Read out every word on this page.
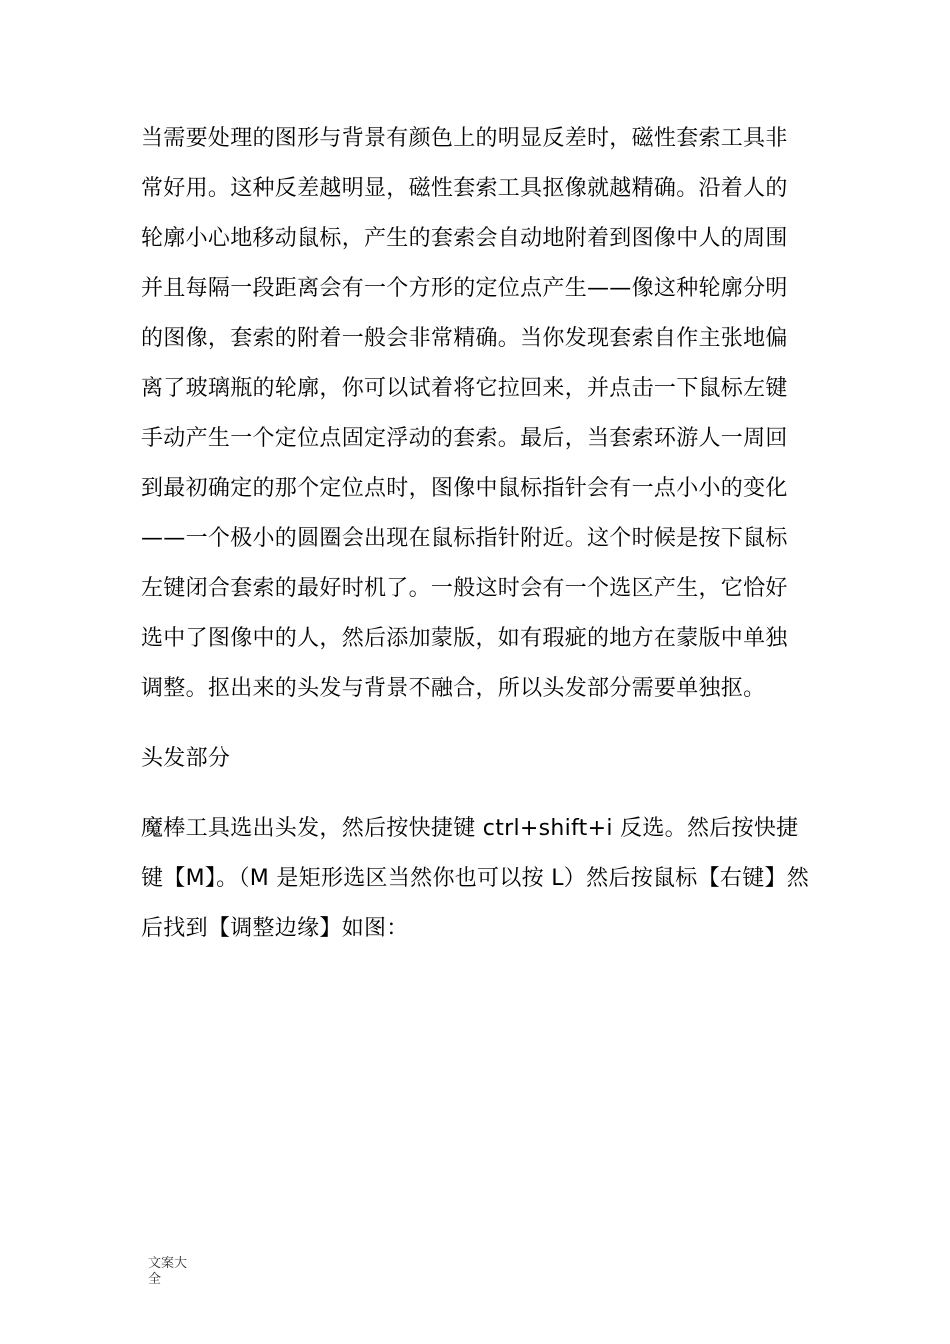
当需要处理的图形与背景有颜色上的明显反差时，磁性套索工具非
常好用。这种反差越明显，磁性套索工具抠像就越精确。沿着人的
轮廓小心地移动鼠标，产生的套索会自动地附着到图像中人的周围
并且每隔一段距离会有一个方形的定位点产生——像这种轮廓分明
的图像，套索的附着一般会非常精确。当你发现套索自作主张地偏
离了玻璃瓶的轮廓，你可以试着将它拉回来，并点击一下鼠标左键
手动产生一个定位点固定浮动的套索。最后，当套索环游人一周回
到最初确定的那个定位点时，图像中鼠标指针会有一点小小的变化
——一个极小的圆圈会出现在鼠标指针附近。这个时候是按下鼠标
左键闭合套索的最好时机了。一般这时会有一个选区产生，它恰好
选中了图像中的人，然后添加蒙版，如有瑕疵的地方在蒙版中单独
调整。抠出来的头发与背景不融合，所以头发部分需要单独抠。
头发部分
魔棒工具选出头发，然后按快捷键 ctrl+shift+i 反选。然后按快捷
键【M】。（M 是矩形选区当然你也可以按 L）然后按鼠标【右键】然
后找到【调整边缘】如图：
文案大全
